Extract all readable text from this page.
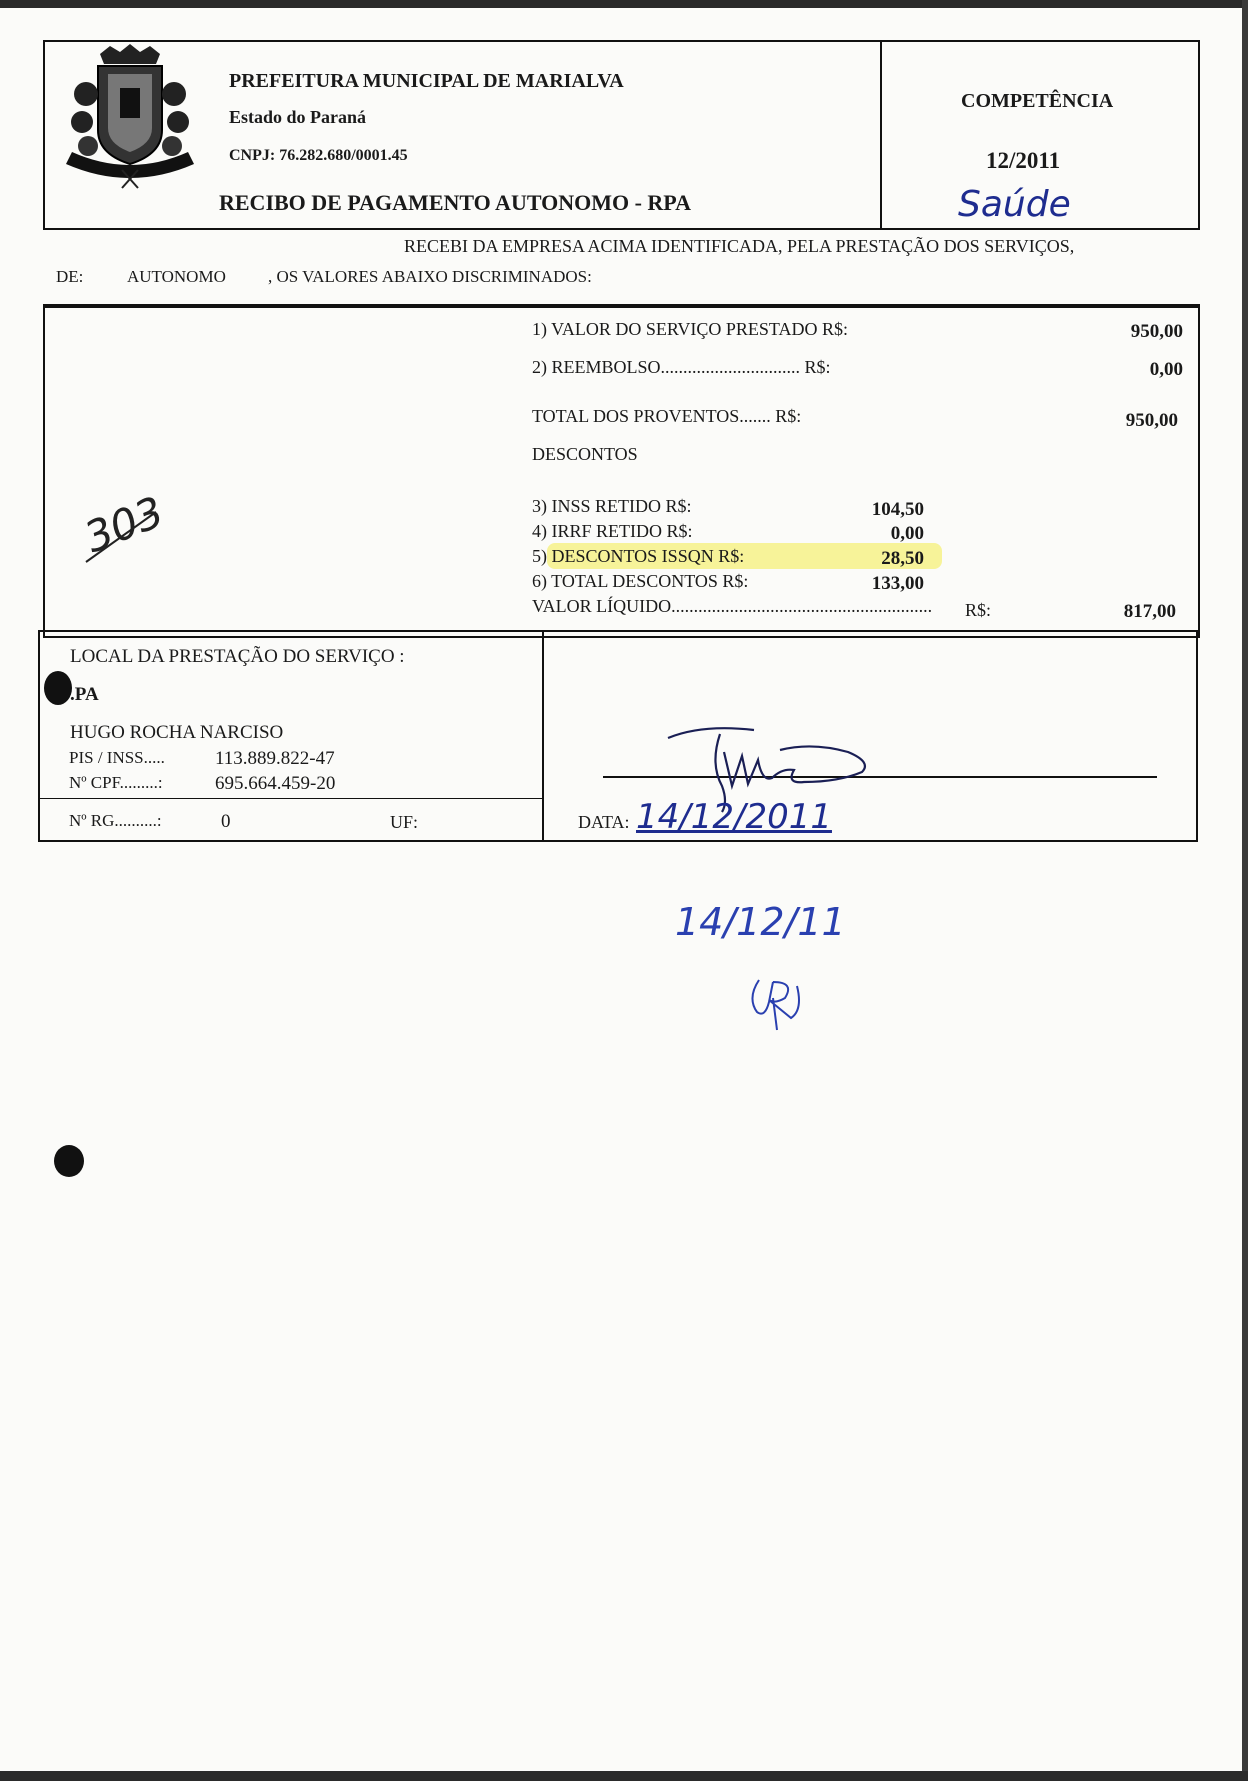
PREFEITURA MUNICIPAL DE MARIALVA
Estado do Paraná
CNPJ: 76.282.680/0001.45
RECIBO DE PAGAMENTO AUTONOMO - RPA
COMPETÊNCIA
12/2011
Saúde
RECEBI DA EMPRESA ACIMA IDENTIFICADA, PELA PRESTAÇÃO DOS SERVIÇOS,
DE:	AUTONOMO , OS VALORES ABAIXO DISCRIMINADOS:
1) VALOR DO SERVIÇO PRESTADO R$:	950,00
2) REEMBOLSO............................... R$:	0,00
TOTAL DOS PROVENTOS....... R$:	950,00
DESCONTOS
303	3) INSS RETIDO R$:	104,50
4) IRRF RETIDO R$:	0,00
5) DESCONTOS ISSQN R$:	28,50
6) TOTAL DESCONTOS R$:	133,00
VALOR LÍQUIDO.......................................................... R$:	817,00
LOCAL DA PRESTAÇÃO DO SERVIÇO :
.PA
HUGO ROCHA NARCISO
PIS / INSS.....	113.889.822-47
Nº CPF.........:	695.664.459-20
Nº RG..........:	0	UF:	DATA: 14/12/2011
14/12/11
